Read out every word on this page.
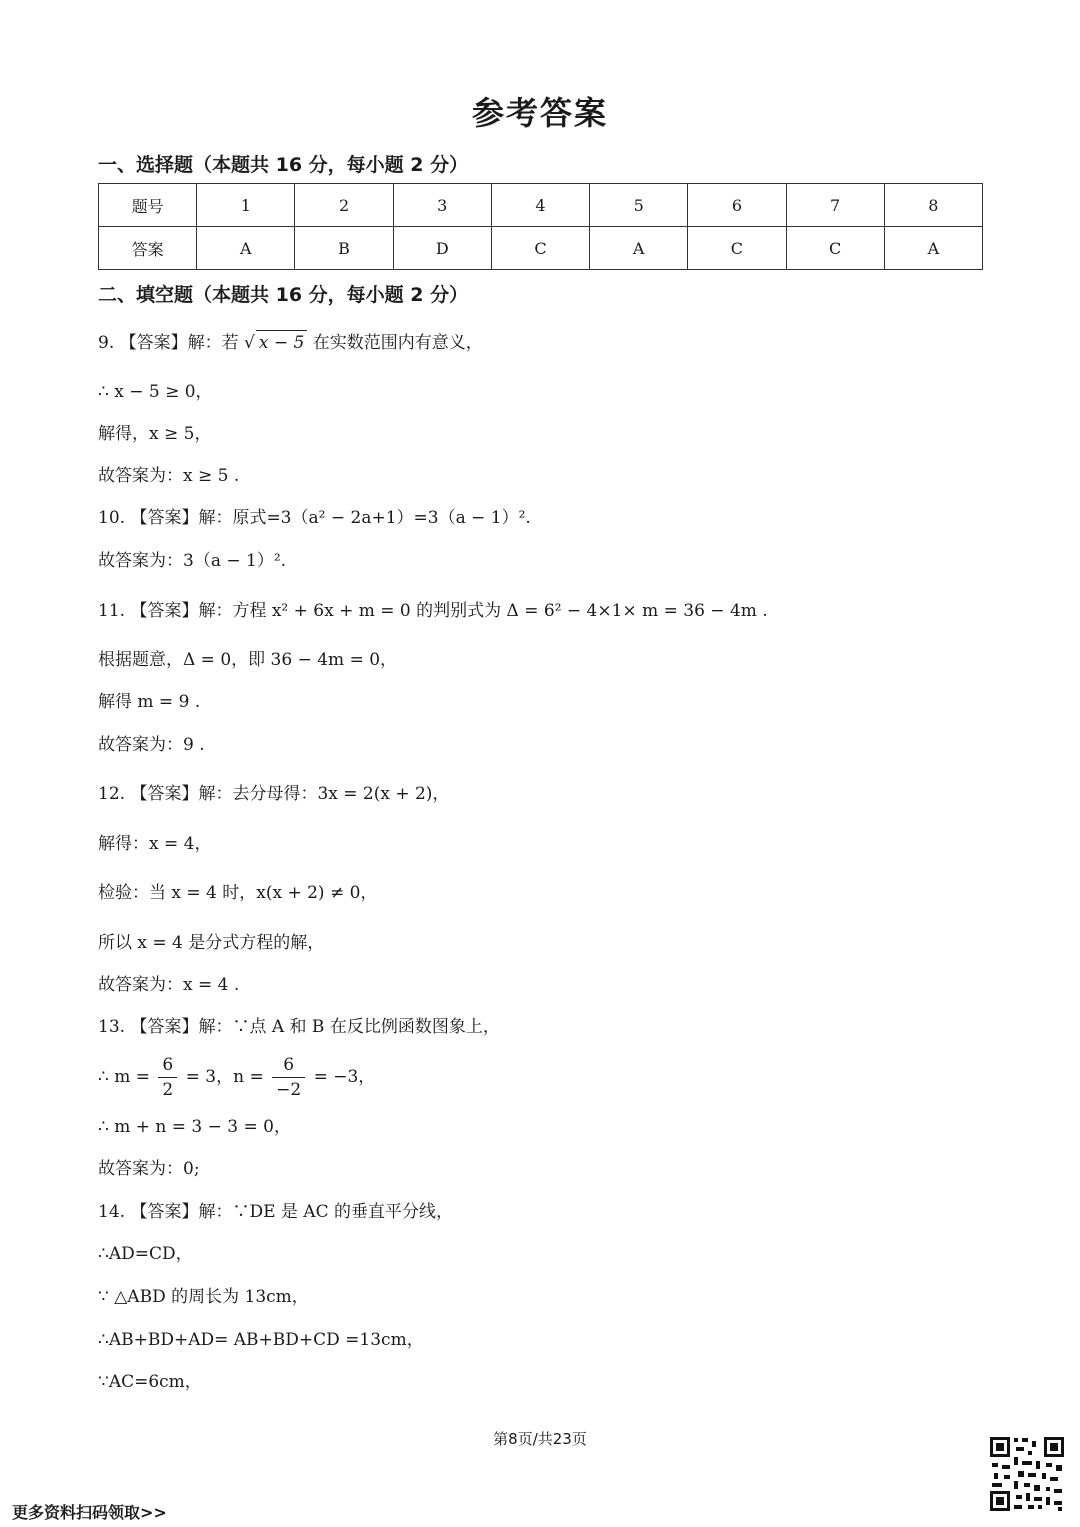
参考答案
一、选择题（本题共 16 分，每小题 2 分）
题号	1	2	3	4	5	6	7	8
答案	A	B	D	C	A	C	C	A
二、填空题（本题共 16 分，每小题 2 分）
9. 【答案】解：若 √ x − 5 在实数范围内有意义，
∴ x − 5 ≥ 0，
解得，x ≥ 5，
故答案为：x ≥ 5 .
10. 【答案】解：原式=3（a² − 2a+1）=3（a − 1）².
故答案为：3（a − 1）².
11. 【答案】解：方程 x² + 6x + m = 0 的判别式为 Δ = 6² − 4×1× m = 36 − 4m .
根据题意，Δ = 0，即 36 − 4m = 0，
解得 m = 9 .
故答案为：9 .
12. 【答案】解：去分母得：3x = 2(x + 2)，
解得：x = 4，
检验：当 x = 4 时，x(x + 2) ≠ 0，
所以 x = 4 是分式方程的解，
故答案为：x = 4 .
13. 【答案】解：∵点 A 和 B 在反比例函数图象上，
∴ $m = \frac{6}{2} = 3$，$n = \frac{6}{-2} = -3$，
∴ m + n = 3 − 3 = 0，
故答案为：0;
14. 【答案】解：∵DE 是 AC 的垂直平分线，
∴AD=CD，
∵ △ABD 的周长为 13cm，
∴AB+BD+AD= AB+BD+CD =13cm，
∵AC=6cm，
第8页/共23页
更多资料扫码领取>>
